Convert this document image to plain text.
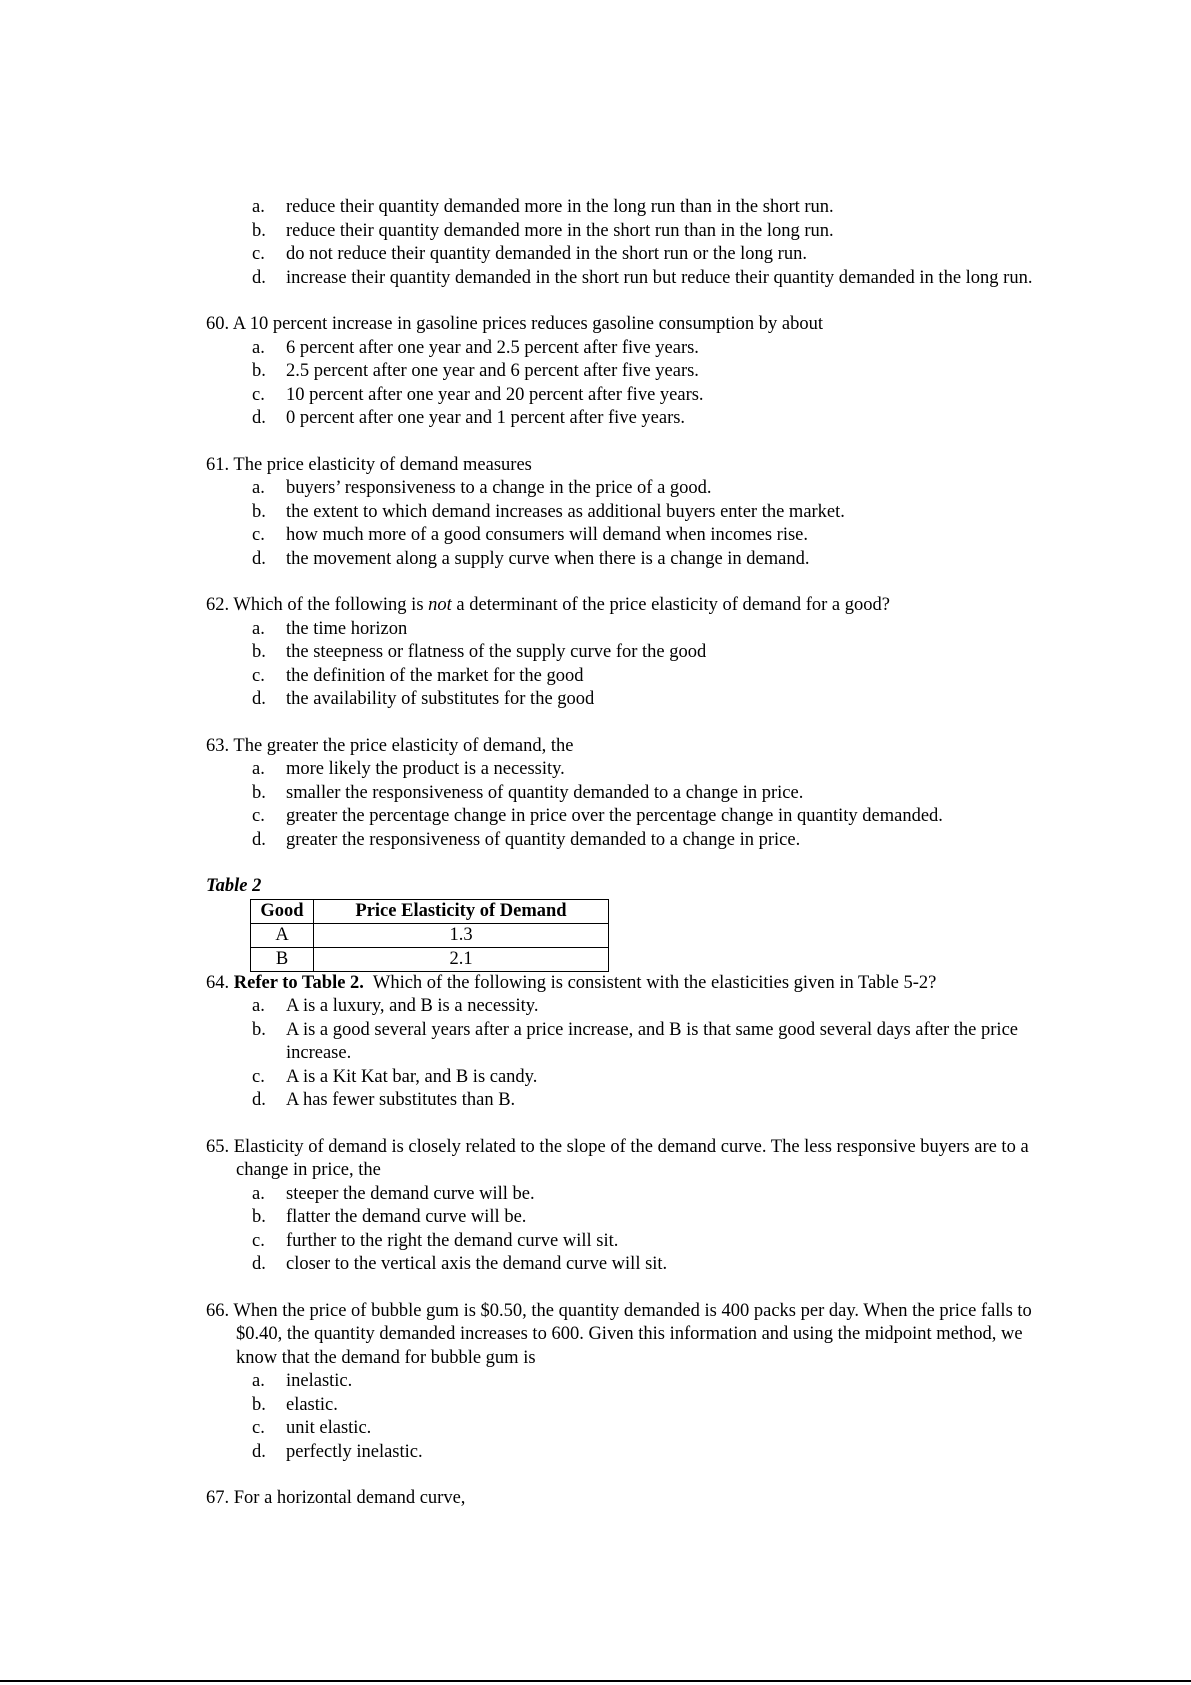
a.	reduce their quantity demanded more in the long run than in the short run.
b.	reduce their quantity demanded more in the short run than in the long run.
c.	do not reduce their quantity demanded in the short run or the long run.
d.	increase their quantity demanded in the short run but reduce their quantity demanded in the long run.
60. A 10 percent increase in gasoline prices reduces gasoline consumption by about
a.	6 percent after one year and 2.5 percent after five years.
b.	2.5 percent after one year and 6 percent after five years.
c.	10 percent after one year and 20 percent after five years.
d.	0 percent after one year and 1 percent after five years.
61. The price elasticity of demand measures
a.	buyers’ responsiveness to a change in the price of a good.
b.	the extent to which demand increases as additional buyers enter the market.
c.	how much more of a good consumers will demand when incomes rise.
d.	the movement along a supply curve when there is a change in demand.
62. Which of the following is not a determinant of the price elasticity of demand for a good?
a.	the time horizon
b.	the steepness or flatness of the supply curve for the good
c.	the definition of the market for the good
d.	the availability of substitutes for the good
63. The greater the price elasticity of demand, the
a.	more likely the product is a necessity.
b.	smaller the responsiveness of quantity demanded to a change in price.
c.	greater the percentage change in price over the percentage change in quantity demanded.
d.	greater the responsiveness of quantity demanded to a change in price.
Table 2
Good	Price Elasticity of Demand
A	1.3
B	2.1
64. Refer to Table 2.  Which of the following is consistent with the elasticities given in Table 5-2?
a.	A is a luxury, and B is a necessity.
b.	A is a good several years after a price increase, and B is that same good several days after the price increase.
c.	A is a Kit Kat bar, and B is candy.
d.	A has fewer substitutes than B.
65. Elasticity of demand is closely related to the slope of the demand curve. The less responsive buyers are to a change in price, the
a.	steeper the demand curve will be.
b.	flatter the demand curve will be.
c.	further to the right the demand curve will sit.
d.	closer to the vertical axis the demand curve will sit.
66. When the price of bubble gum is $0.50, the quantity demanded is 400 packs per day. When the price falls to $0.40, the quantity demanded increases to 600. Given this information and using the midpoint method, we know that the demand for bubble gum is
a.	inelastic.
b.	elastic.
c.	unit elastic.
d.	perfectly inelastic.
67. For a horizontal demand curve,
